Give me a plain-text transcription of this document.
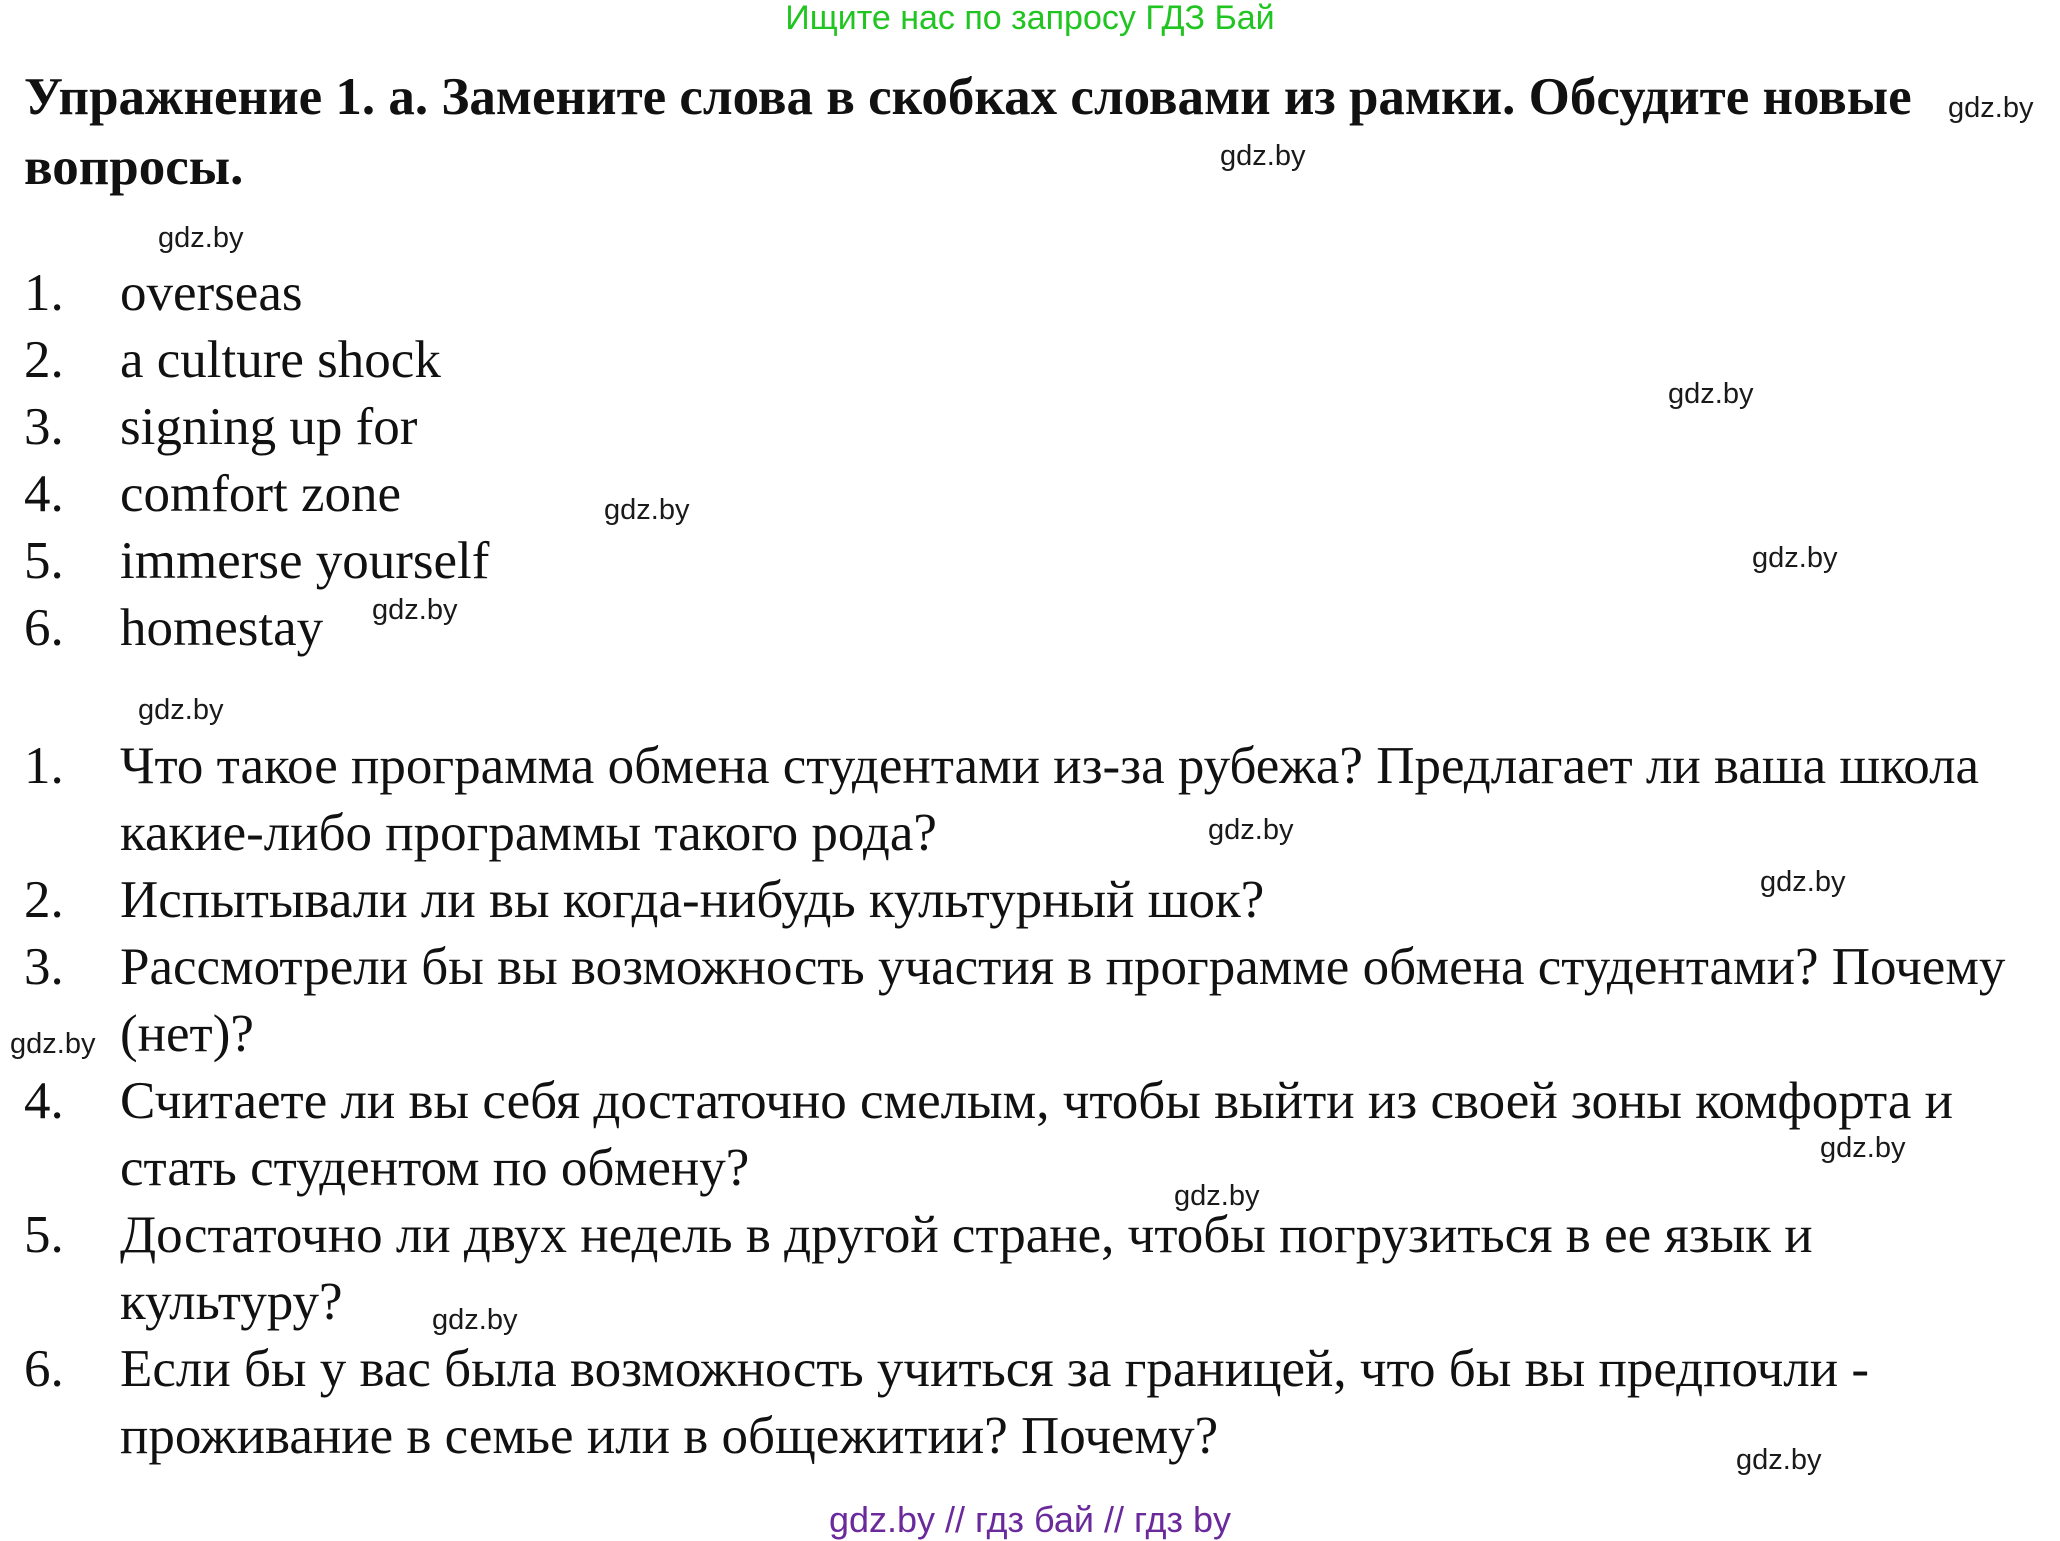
Ищите нас по запросу ГДЗ Бай
Упражнение 1. a. Замените слова в скобках словами из рамки. Обсудите новые вопросы.
1.	overseas
2.	a culture shock
3.	signing up for
4.	comfort zone
5.	immerse yourself
6.	homestay
1.	Что такое программа обмена студентами из-за рубежа? Предлагает ли ваша школа какие-либо программы такого рода?
2.	Испытывали ли вы когда-нибудь культурный шок?
3.	Рассмотрели бы вы возможность участия в программе обмена студентами? Почему (нет)?
4.	Считаете ли вы себя достаточно смелым, чтобы выйти из своей зоны комфорта и стать студентом по обмену?
5.	Достаточно ли двух недель в другой стране, чтобы погрузиться в ее язык и культуру?
6.	Если бы у вас была возможность учиться за границей, что бы вы предпочли - проживание в семье или в общежитии? Почему?
gdz.by
gdz.by
gdz.by
gdz.by
gdz.by
gdz.by
gdz.by
gdz.by
gdz.by
gdz.by
gdz.by
gdz.by
gdz.by
gdz.by
gdz.by
gdz.by // гдз бай // гдз by
